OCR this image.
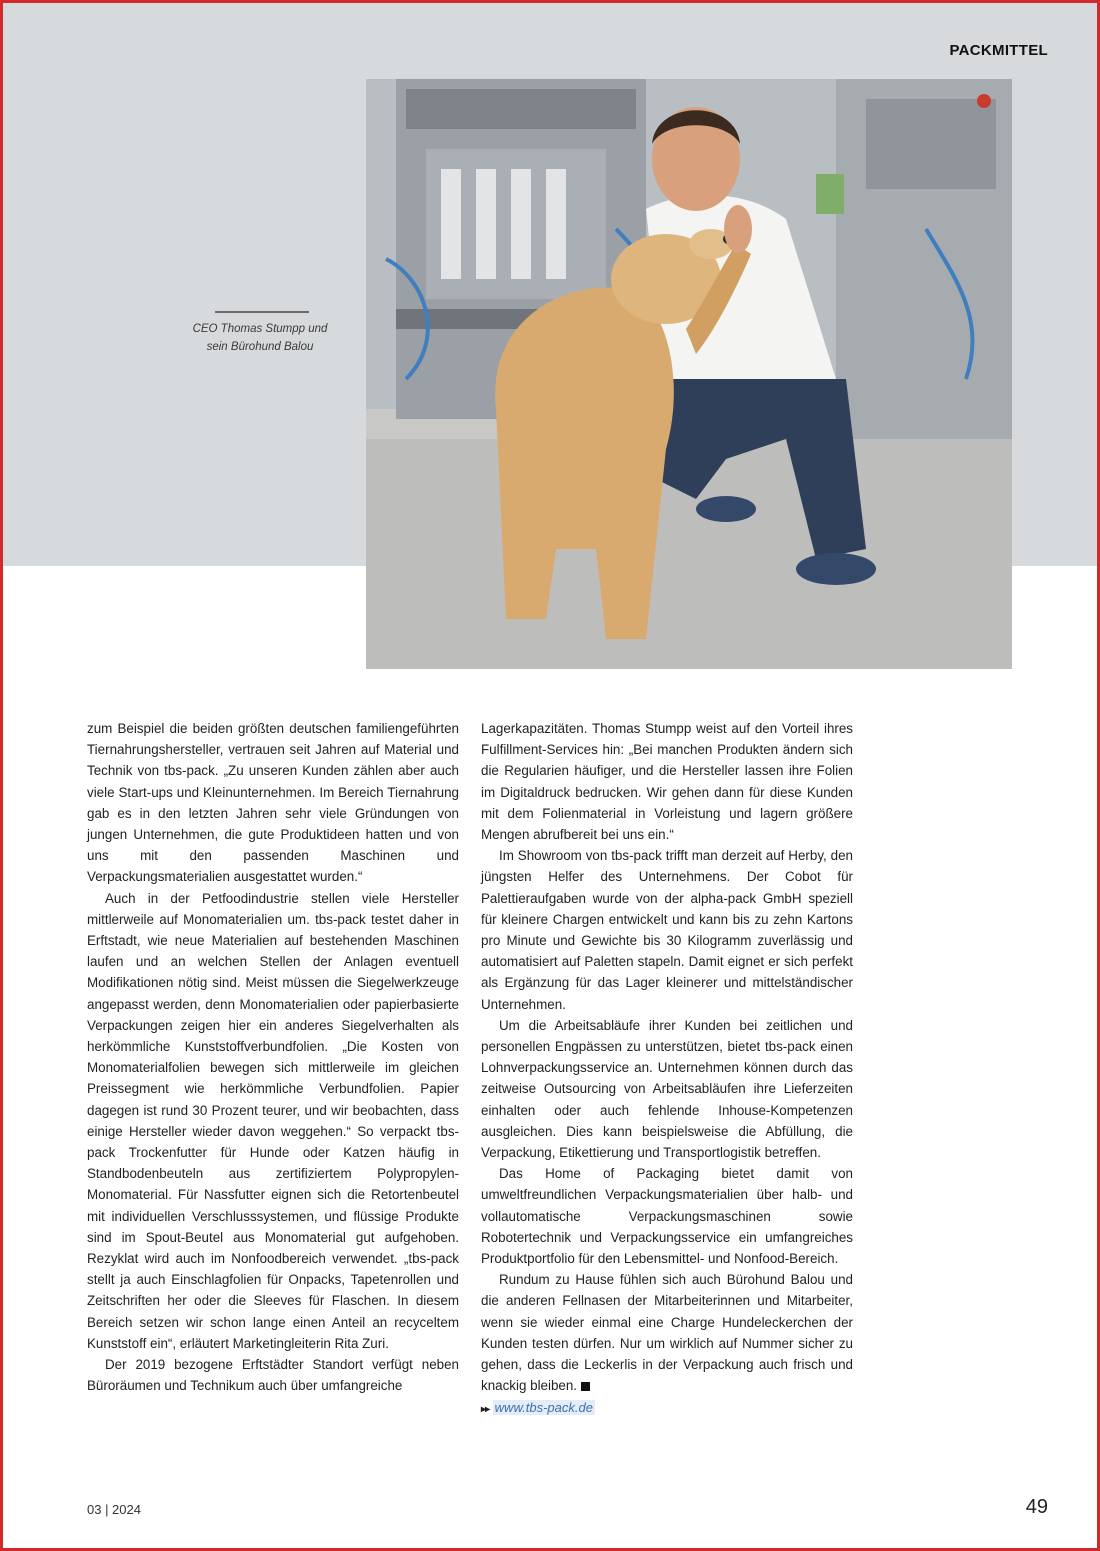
PACKMITTEL
CEO Thomas Stumpp und
sein Bürohund Balou

zum Beispiel die beiden größten deutschen familiengeführten Tiernahrungshersteller, vertrauen seit Jahren auf Material und Technik von tbs-pack. „Zu unseren Kunden zählen aber auch viele Start-ups und Kleinunternehmen. Im Bereich Tiernahrung gab es in den letzten Jahren sehr viele Gründungen von jungen Unternehmen, die gute Produktideen hatten und von uns mit den passenden Maschinen und Verpackungsmaterialien ausgestattet wurden.“

Auch in der Petfoodindustrie stellen viele Hersteller mittlerweile auf Monomaterialien um. tbs-pack testet daher in Erftstadt, wie neue Materialien auf bestehenden Maschinen laufen und an welchen Stellen der Anlagen eventuell Modifikationen nötig sind. Meist müssen die Siegelwerkzeuge angepasst werden, denn Monomaterialien oder papierbasierte Verpackungen zeigen hier ein anderes Siegelverhalten als herkömmliche Kunststoffverbundfolien. „Die Kosten von Monomaterialfolien bewegen sich mittlerweile im gleichen Preissegment wie herkömmliche Verbundfolien. Papier dagegen ist rund 30 Prozent teurer, und wir beobachten, dass einige Hersteller wieder davon weggehen.“ So verpackt tbs-pack Trockenfutter für Hunde oder Katzen häufig in Standbodenbeuteln aus zertifiziertem Polypropylen-Monomaterial. Für Nassfutter eignen sich die Retortenbeutel mit individuellen Verschlusssystemen, und flüssige Produkte sind im Spout-Beutel aus Monomaterial gut aufgehoben. Rezyklat wird auch im Nonfoodbereich verwendet. „tbs-pack stellt ja auch Einschlagfolien für Onpacks, Tapetenrollen und Zeitschriften her oder die Sleeves für Flaschen. In diesem Bereich setzen wir schon lange einen Anteil an recyceltem Kunststoff ein“, erläutert Marketingleiterin Rita Zuri.

Der 2019 bezogene Erftstädter Standort verfügt neben Büroräumen und Technikum auch über umfangreiche

Lagerkapazitäten. Thomas Stumpp weist auf den Vorteil ihres Fulfillment-Services hin: „Bei manchen Produkten ändern sich die Regularien häufiger, und die Hersteller lassen ihre Folien im Digitaldruck bedrucken. Wir gehen dann für diese Kunden mit dem Folienmaterial in Vorleistung und lagern größere Mengen abrufbereit bei uns ein.“

Im Showroom von tbs-pack trifft man derzeit auf Herby, den jüngsten Helfer des Unternehmens. Der Cobot für Palettieraufgaben wurde von der alpha-pack GmbH speziell für kleinere Chargen entwickelt und kann bis zu zehn Kartons pro Minute und Gewichte bis 30 Kilogramm zuverlässig und automatisiert auf Paletten stapeln. Damit eignet er sich perfekt als Ergänzung für das Lager kleinerer und mittelständischer Unternehmen.

Um die Arbeitsabläufe ihrer Kunden bei zeitlichen und personellen Engpässen zu unterstützen, bietet tbs-pack einen Lohnverpackungsservice an. Unternehmen können durch das zeitweise Outsourcing von Arbeitsabläufen ihre Lieferzeiten einhalten oder auch fehlende Inhouse-Kompetenzen ausgleichen. Dies kann beispielsweise die Abfüllung, die Verpackung, Etikettierung und Transportlogistik betreffen.

Das Home of Packaging bietet damit von umweltfreundlichen Verpackungsmaterialien über halb- und vollautomatische Verpackungsmaschinen sowie Robotertechnik und Verpackungsservice ein umfangreiches Produktportfolio für den Lebensmittel- und Nonfood-Bereich.

Rundum zu Hause fühlen sich auch Bürohund Balou und die anderen Fellnasen der Mitarbeiterinnen und Mitarbeiter, wenn sie wieder einmal eine Charge Hundeleckerchen der Kunden testen dürfen. Nur um wirklich auf Nummer sicher zu gehen, dass die Leckerlis in der Verpackung auch frisch und knackig bleiben.

▸▸ www.tbs-pack.de

03 | 2024	49
